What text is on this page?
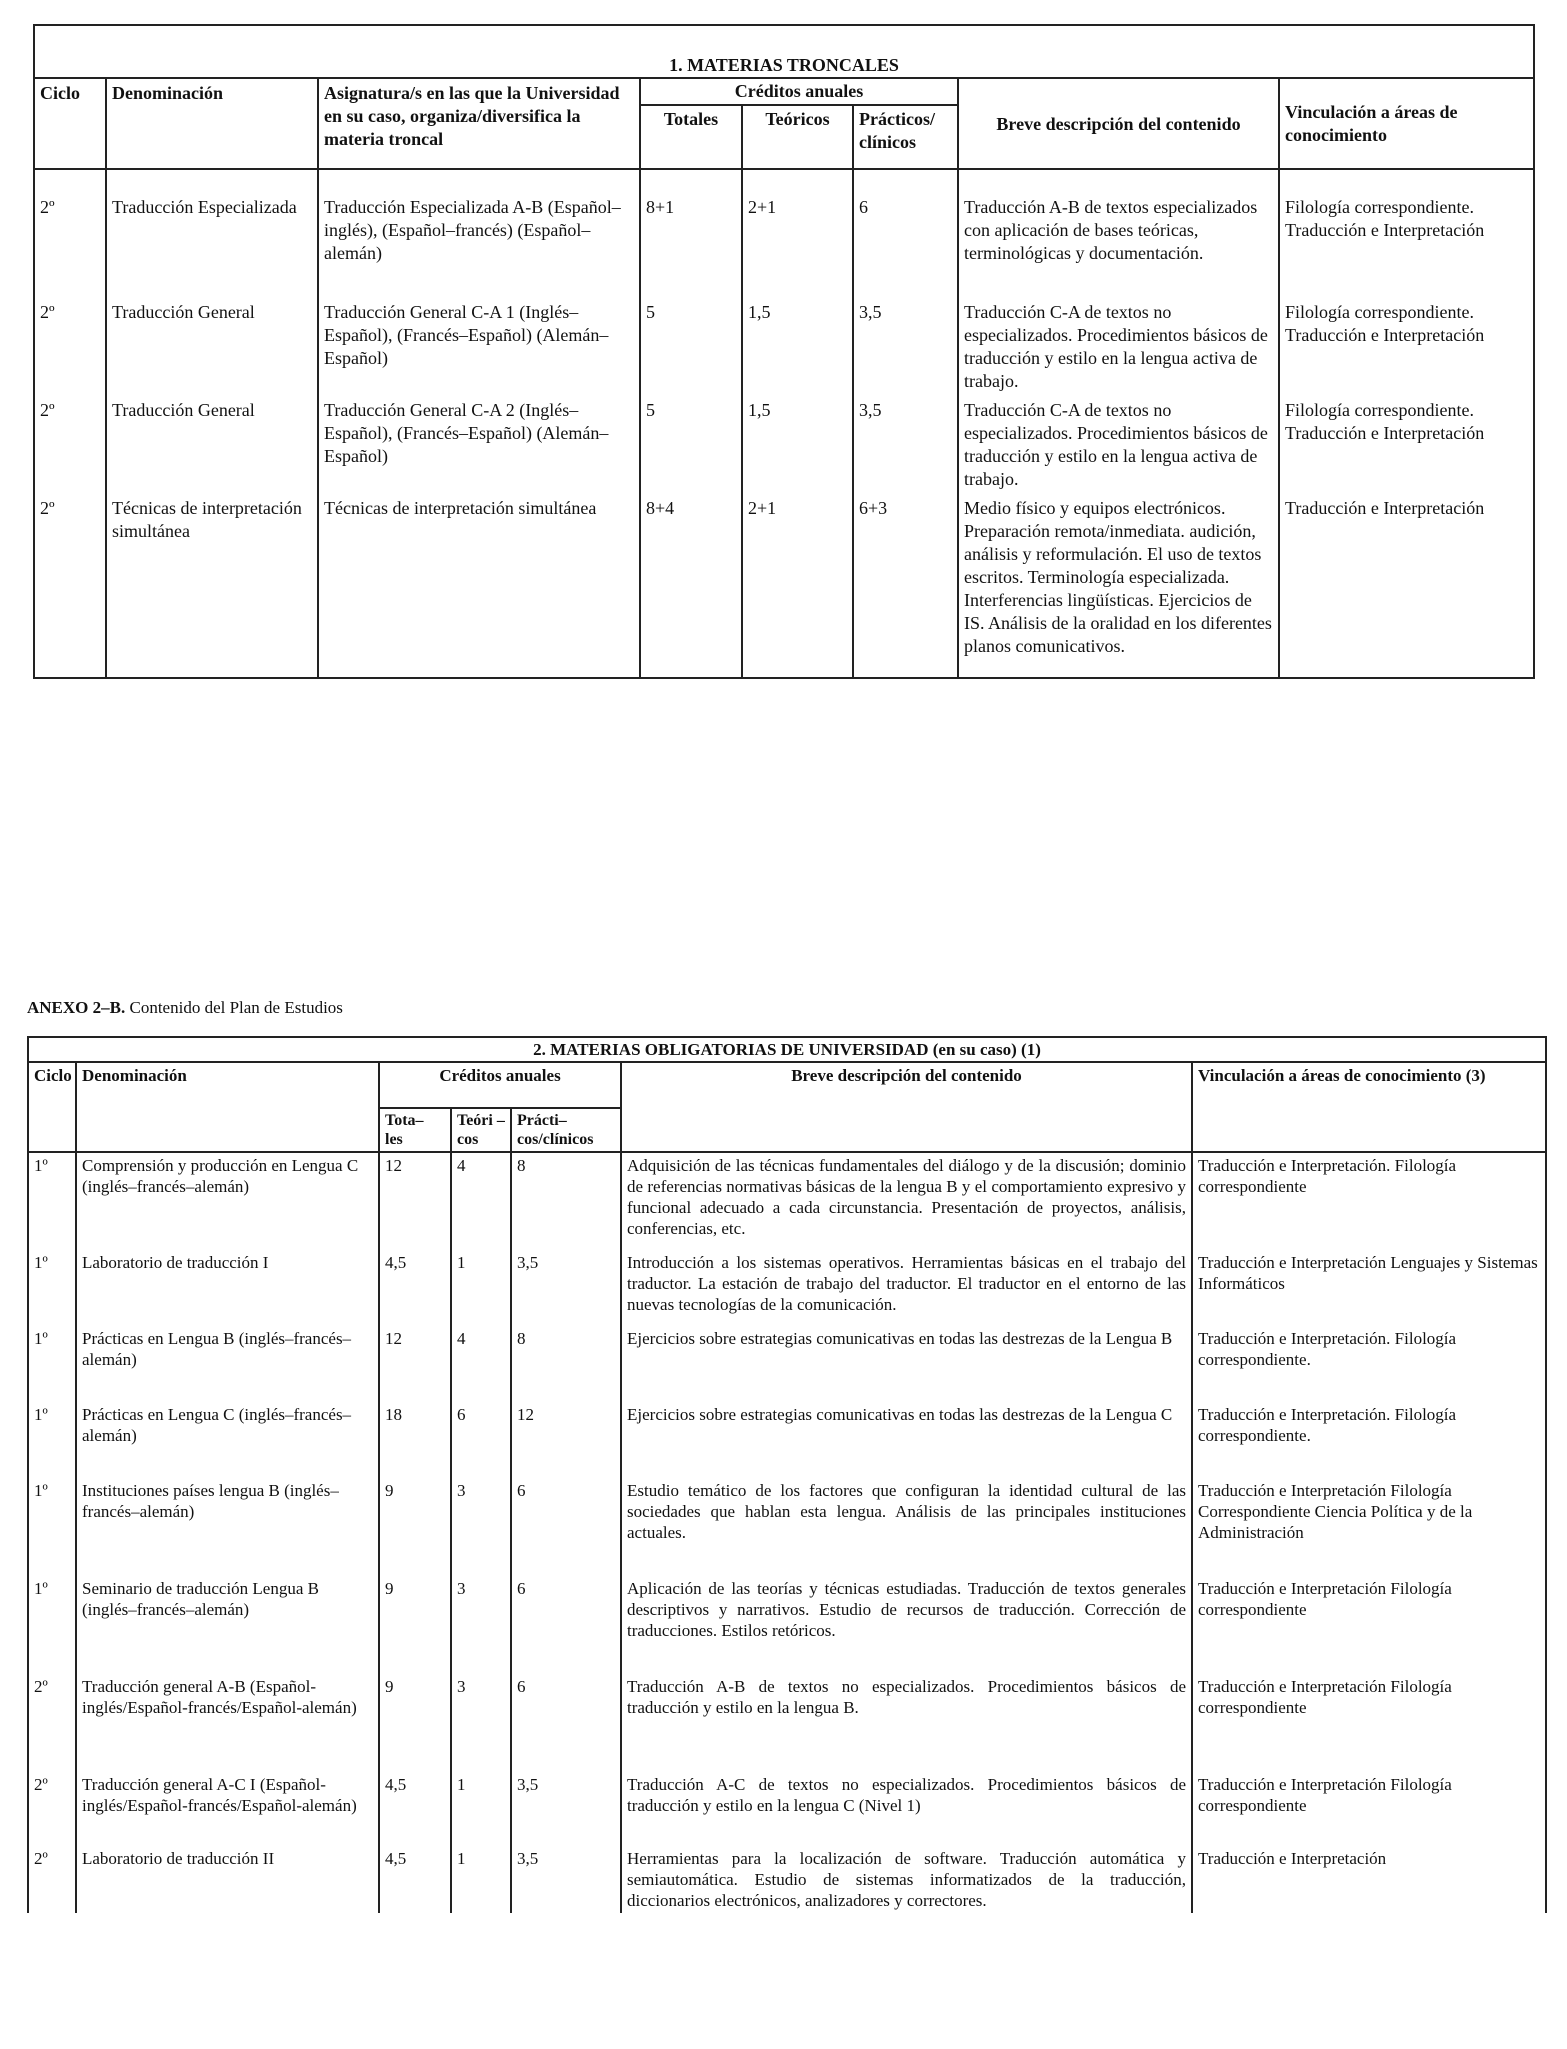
1. MATERIAS TRONCALES							
Ciclo	Denominación	Asignatura/s en las que la Universidad en su caso, organiza/diversifica la materia troncal	Créditos anuales			Breve descripción del contenido	Vinculación a áreas de conocimiento
			Totales	Teóricos	Prácticos/ clínicos		
2º	Traducción Especializada	Traducción Especializada A-B (Español–inglés), (Español–francés) (Español–alemán)	8+1	2+1	6	Traducción A-B de textos especializados con aplicación de bases teóricas, terminológicas y documentación.	Filología correspondiente. Traducción e Interpretación
2º	Traducción General	Traducción General C-A 1 (Inglés–Español), (Francés–Español) (Alemán–Español)	5	1,5	3,5	Traducción C-A de textos no especializados. Procedimientos básicos de traducción y estilo en la lengua activa de trabajo.	Filología correspondiente. Traducción e Interpretación
2º	Traducción General	Traducción General C-A 2 (Inglés–Español), (Francés–Español) (Alemán–Español)	5	1,5	3,5	Traducción C-A de textos no especializados. Procedimientos básicos de traducción y estilo en la lengua activa de trabajo.	Filología correspondiente. Traducción e Interpretación
2º	Técnicas de interpretación simultánea	Técnicas de interpretación simultánea	8+4	2+1	6+3	Medio físico y equipos electrónicos. Preparación remota/inmediata. audición, análisis y reformulación. El uso de textos escritos. Terminología especializada. Interferencias lingüísticas. Ejercicios de IS. Análisis de la oralidad en los diferentes planos comunicativos.	Traducción e Interpretación
ANEXO 2–B. Contenido del Plan de Estudios
2. MATERIAS OBLIGATORIAS DE UNIVERSIDAD (en su caso) (1)						
Ciclo	Denominación	Créditos anuales			Breve descripción del contenido	Vinculación a áreas de conocimiento (3)
		Tota– les	Teóri –cos	Prácti– cos/clínicos		
1º	Comprensión y producción en Lengua C (inglés–francés–alemán)	12	4	8	Adquisición de las técnicas fundamentales del diálogo y de la discusión; dominio de referencias normativas básicas de la lengua B y el comportamiento expresivo y funcional adecuado a cada circunstancia. Presentación de proyectos, análisis, conferencias, etc.	Traducción e Interpretación. Filología correspondiente
1º	Laboratorio de traducción I	4,5	1	3,5	Introducción a los sistemas operativos. Herramientas básicas en el trabajo del traductor. La estación de trabajo del traductor. El traductor en el entorno de las nuevas tecnologías de la comunicación.	Traducción e Interpretación Lenguajes y Sistemas Informáticos
1º	Prácticas en Lengua B (inglés–francés–alemán)	12	4	8	Ejercicios sobre estrategias comunicativas en todas las destrezas de la Lengua B	Traducción e Interpretación. Filología correspondiente.
1º	Prácticas en Lengua C (inglés–francés–alemán)	18	6	12	Ejercicios sobre estrategias comunicativas en todas las destrezas de la Lengua C	Traducción e Interpretación. Filología correspondiente.
1º	Instituciones países lengua B (inglés–francés–alemán)	9	3	6	Estudio temático de los factores que configuran la identidad cultural de las sociedades que hablan esta lengua. Análisis de las principales instituciones actuales.	Traducción e Interpretación Filología Correspondiente Ciencia Política y de la Administración
1º	Seminario de traducción Lengua B (inglés–francés–alemán)	9	3	6	Aplicación de las teorías y técnicas estudiadas. Traducción de textos generales descriptivos y narrativos. Estudio de recursos de traducción. Corrección de traducciones. Estilos retóricos.	Traducción e Interpretación Filología correspondiente
2º	Traducción general A-B (Español-inglés/Español-francés/Español-alemán)	9	3	6	Traducción A-B de textos no especializados. Procedimientos básicos de traducción y estilo en la lengua B.	Traducción e Interpretación Filología correspondiente
2º	Traducción general A-C I (Español-inglés/Español-francés/Español-alemán)	4,5	1	3,5	Traducción A-C de textos no especializados. Procedimientos básicos de traducción y estilo en la lengua C (Nivel 1)	Traducción e Interpretación Filología correspondiente
2º	Laboratorio de traducción II	4,5	1	3,5	Herramientas para la localización de software. Traducción automática y semiautomática. Estudio de sistemas informatizados de la traducción, diccionarios electrónicos, analizadores y correctores.	Traducción e Interpretación
